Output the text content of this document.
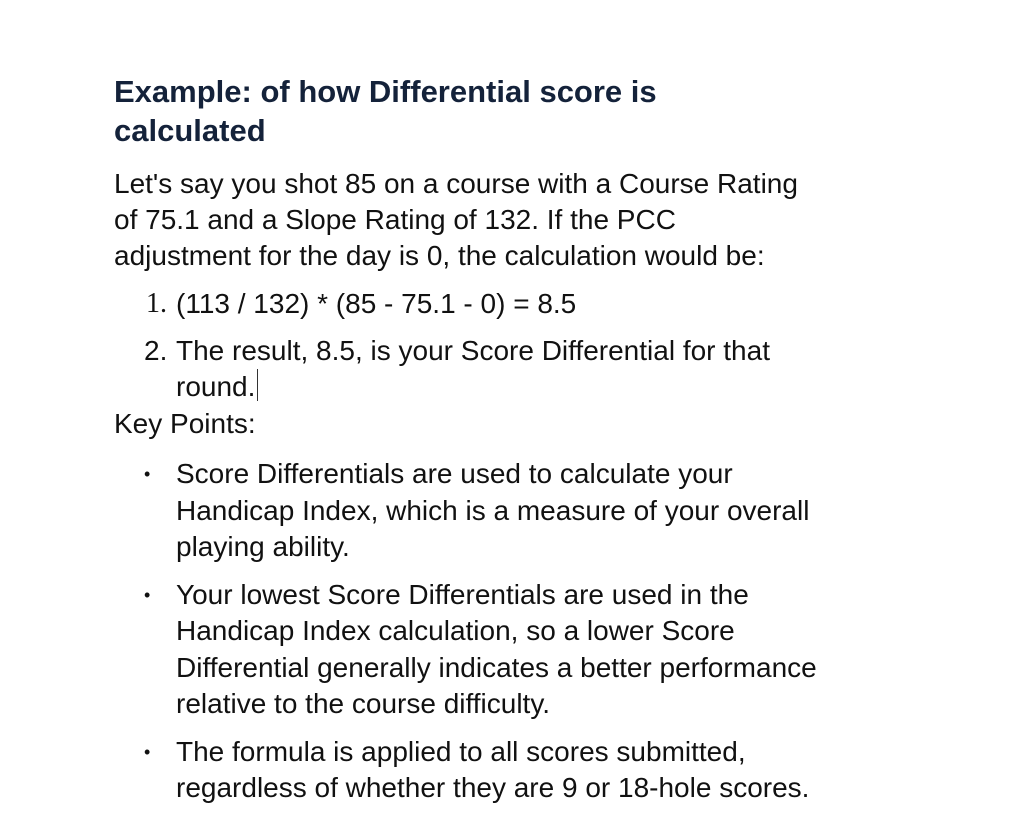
Example: of how Differential score is
calculated

Let's say you shot 85 on a course with a Course Rating
of 75.1 and a Slope Rating of 132. If the PCC
adjustment for the day is 0, the calculation would be:

1. (113 / 132) * (85 - 75.1 - 0) = 8.5
2. The result, 8.5, is your Score Differential for that
round.

Key Points:

• Score Differentials are used to calculate your
Handicap Index, which is a measure of your overall
playing ability.
• Your lowest Score Differentials are used in the
Handicap Index calculation, so a lower Score
Differential generally indicates a better performance
relative to the course difficulty.
• The formula is applied to all scores submitted,
regardless of whether they are 9 or 18-hole scores.
